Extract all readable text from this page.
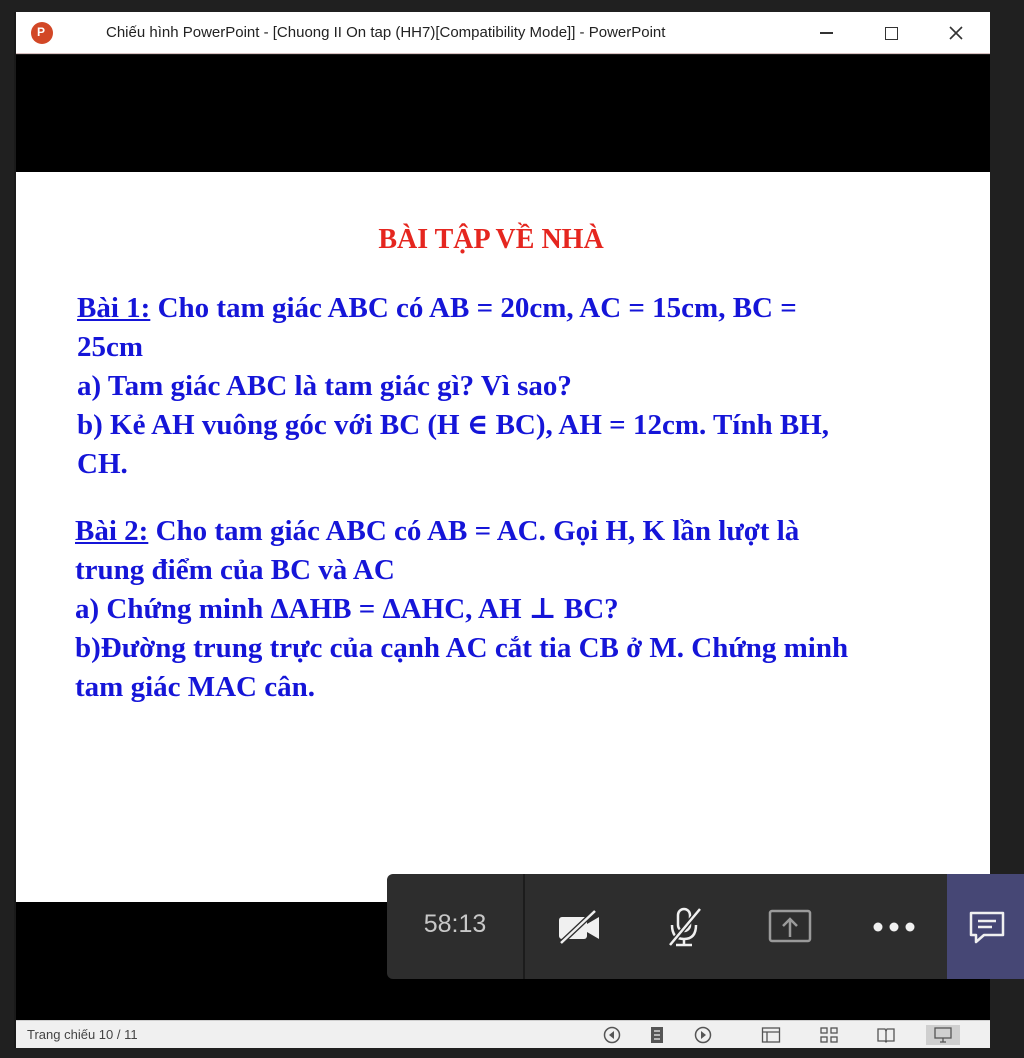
P
Chiếu hình PowerPoint - [Chuong II On tap (HH7)[Compatibility Mode]] - PowerPoint
BÀI TẬP VỀ NHÀ

Bài 1: Cho tam giác ABC có AB = 20cm, AC = 15cm, BC =

25cm

a) Tam giác ABC là tam giác gì? Vì sao?

b) Kẻ AH vuông góc với BC (H ∈ BC), AH = 12cm. Tính BH,

CH.

Bài 2: Cho tam giác ABC có AB = AC. Gọi H, K lần lượt là

trung điểm của BC và AC

a) Chứng minh ΔAHB = ΔAHC, AH ⊥ BC?

b)Đường trung trực của cạnh AC cắt tia CB ở M. Chứng minh

tam giác MAC cân.

58:13
Trang chiếu 10 / 11
